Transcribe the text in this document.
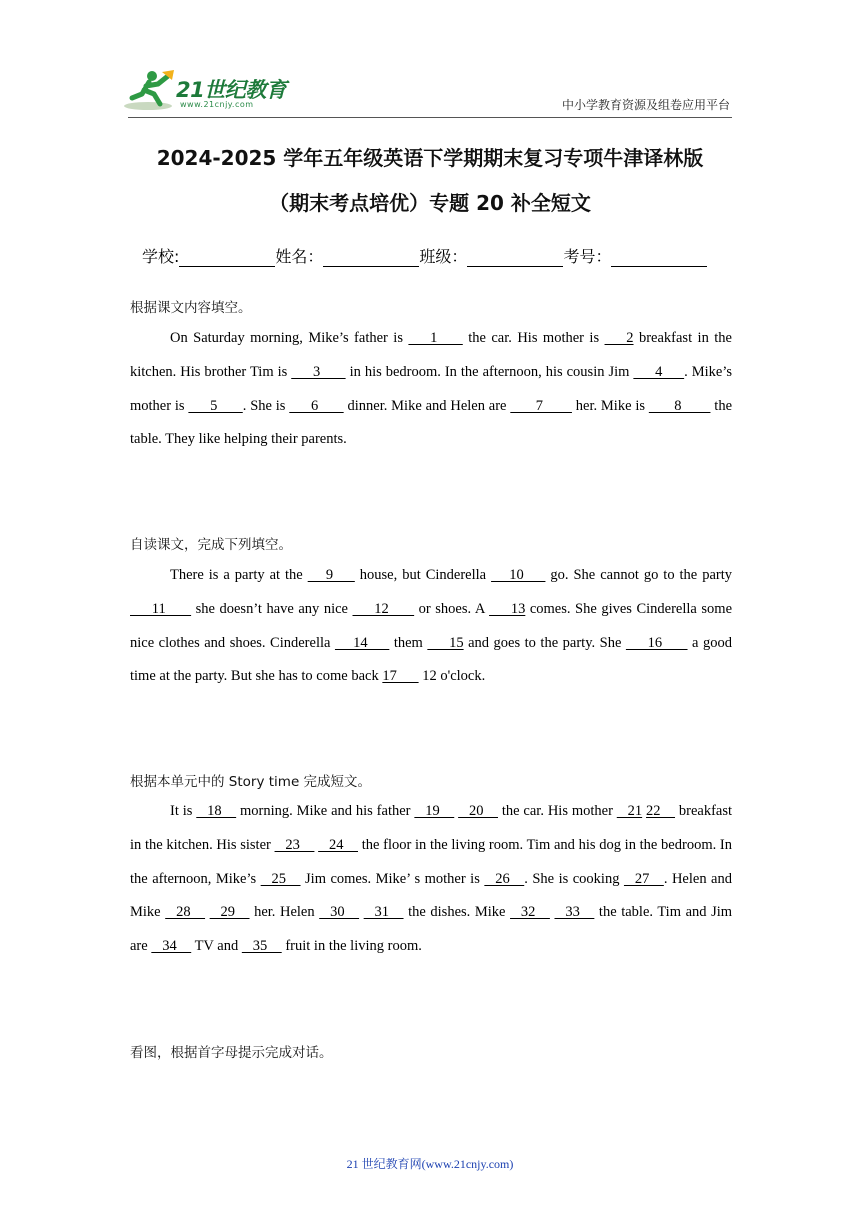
21世纪教育
www.21cnjy.com	中小学教育资源及组卷应用平台
2024-2025 学年五年级英语下学期期末复习专项牛津译林版
（期末考点培优）专题 20 补全短文
学校:	姓名：	班级：	考号：
根据课文内容填空。
On Saturday morning, Mike’s father is       1        the car. His mother is       2 breakfast in the kitchen. His brother Tim is       3        in his bedroom. In the afternoon, his cousin Jim       4      . Mike’s mother is       5       . She is       6        dinner. Mike and Helen are        7         her. Mike is        8         the table. They like helping their parents.
自读课文，完成下列填空。
There is a party at the      9       house, but Cinderella      10       go. She cannot go to the party       11        she doesn’t have any nice       12        or shoes. A       13 comes. She gives Cinderella some nice clothes and shoes. Cinderella      14       them       15 and goes to the party. She       16        a good time at the party. But she has to come back 17       12 o'clock.
根据本单元中的 Story time 完成短文。
It is    18     morning. Mike and his father    19        20     the car. His mother    21 22     breakfast in the kitchen. His sister    23        24     the floor in the living room. Tim and his dog in the bedroom. In the afternoon, Mike’s    25     Jim comes. Mike’ s mother is    26    . She is cooking    27    . Helen and Mike    28        29     her. Helen    30        31     the dishes. Mike    32        33     the table. Tim and Jim are    34     TV and    35     fruit in the living room.
看图，根据首字母提示完成对话。
21 世纪教育网(www.21cnjy.com)
